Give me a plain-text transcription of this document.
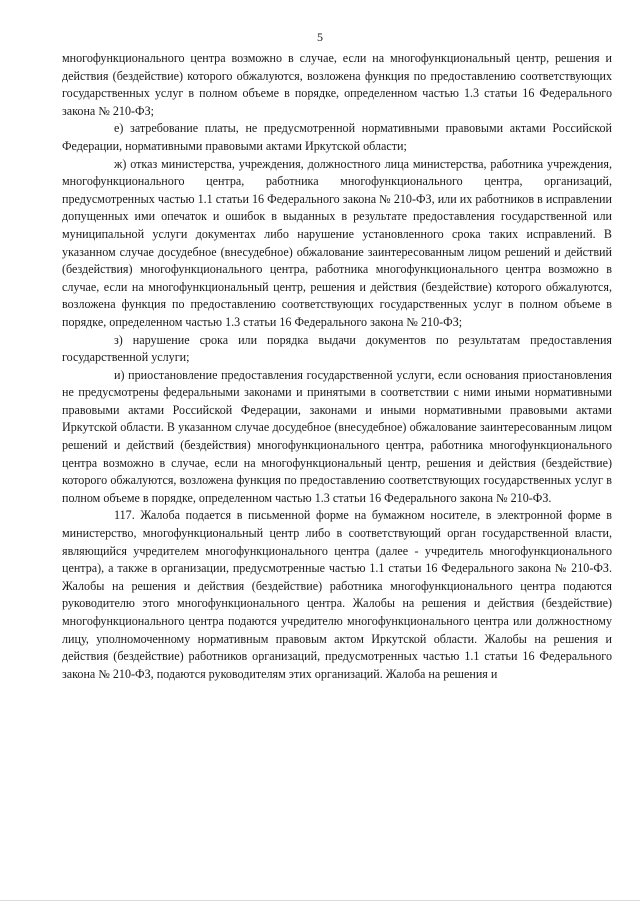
5

многофункционального центра возможно в случае, если на многофункциональный центр, решения и действия (бездействие) которого обжалуются, возложена функция по предоставлению соответствующих государственных услуг в полном объеме в порядке, определенном частью 1.3 статьи 16 Федерального закона № 210-ФЗ;

е) затребование платы, не предусмотренной нормативными правовыми актами Российской Федерации, нормативными правовыми актами Иркутской области;

ж) отказ министерства, учреждения, должностного лица министерства, работника учреждения, многофункционального центра, работника многофункционального центра, организаций, предусмотренных частью 1.1 статьи 16 Федерального закона № 210-ФЗ, или их работников в исправлении допущенных ими опечаток и ошибок в выданных в результате предоставления государственной или муниципальной услуги документах либо нарушение установленного срока таких исправлений. В указанном случае досудебное (внесудебное) обжалование заинтересованным лицом решений и действий (бездействия) многофункционального центра, работника многофункционального центра возможно в случае, если на многофункциональный центр, решения и действия (бездействие) которого обжалуются, возложена функция по предоставлению соответствующих государственных услуг в полном объеме в порядке, определенном частью 1.3 статьи 16 Федерального закона № 210-ФЗ;

з) нарушение срока или порядка выдачи документов по результатам предоставления государственной услуги;

и) приостановление предоставления государственной услуги, если основания приостановления не предусмотрены федеральными законами и принятыми в соответствии с ними иными нормативными правовыми актами Российской Федерации, законами и иными нормативными правовыми актами Иркутской области. В указанном случае досудебное (внесудебное) обжалование заинтересованным лицом решений и действий (бездействия) многофункционального центра, работника многофункционального центра возможно в случае, если на многофункциональный центр, решения и действия (бездействие) которого обжалуются, возложена функция по предоставлению соответствующих государственных услуг в полном объеме в порядке, определенном частью 1.3 статьи 16 Федерального закона № 210-ФЗ.

117. Жалоба подается в письменной форме на бумажном носителе, в электронной форме в министерство, многофункциональный центр либо в соответствующий орган государственной власти, являющийся учредителем многофункционального центра (далее - учредитель многофункционального центра), а также в организации, предусмотренные частью 1.1 статьи 16 Федерального закона № 210-ФЗ. Жалобы на решения и действия (бездействие) работника многофункционального центра подаются руководителю этого многофункционального центра. Жалобы на решения и действия (бездействие) многофункционального центра подаются учредителю многофункционального центра или должностному лицу, уполномоченному нормативным правовым актом Иркутской области. Жалобы на решения и действия (бездействие) работников организаций, предусмотренных частью 1.1 статьи 16 Федерального закона № 210-ФЗ, подаются руководителям этих организаций. Жалоба на решения и
